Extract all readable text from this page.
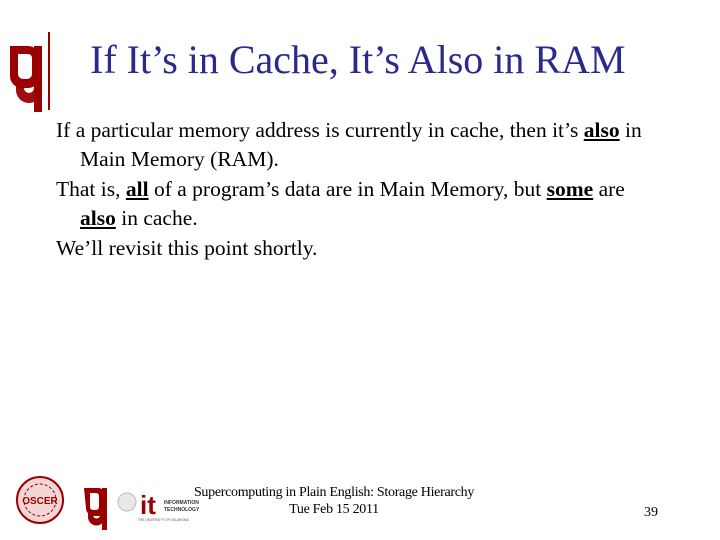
If It’s in Cache, It’s Also in RAM

If a particular memory address is currently in cache, then it’s also in Main Memory (RAM).

That is, all of a program’s data are in Main Memory, but some are also in cache.

We’ll revisit this point shortly.

OSCER	it INFORMATION
TECHNOLOGY
THE UNIVERSITY OF OKLAHOMA
Supercomputing in Plain English: Storage Hierarchy
Tue Feb 15 2011	39
